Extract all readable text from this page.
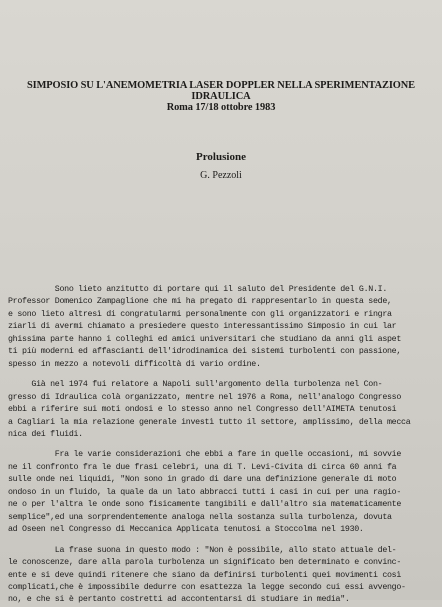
SIMPOSIO SU L'ANEMOMETRIA LASER DOPPLER NELLA SPERIMENTAZIONE IDRAULICA
Roma 17/18 ottobre 1983
Prolusione
G. Pezzoli
Sono lieto anzitutto di portare qui il saluto del Presidente del G.N.I.
Professor Domenico Zampaglione che mi ha pregato di rappresentarlo in questa sede,
e sono lieto altresì di congratularmi personalmente con gli organizzatori e ringra
ziarli di avermi chiamato a presiedere questo interessantissimo Simposio in cui lar
ghissima parte hanno i colleghi ed amici universitari che studiano da anni gli aspet
ti più moderni ed affascianti dell'idrodinamica dei sistemi turbolenti con passione,
spesso in mezzo a notevoli difficoltà di vario ordine.
Già nel 1974 fui relatore a Napoli sull'argomento della turbolenza nel Con-
gresso di Idraulica colà organizzato, mentre nel 1976 a Roma, nell'analogo Congresso
ebbi a riferire sui moti ondosi e lo stesso anno nel Congresso dell'AIMETA tenutosi
a Cagliari la mia relazione generale investì tutto il settore, amplissimo, della mecca
nica dei fluidi.
Fra le varie considerazioni che ebbi a fare in quelle occasioni, mi sovvie
ne il confronto fra le due frasi celebri, una di T. Levi-Civita di circa 60 anni fa
sulle onde nei liquidi, "Non sono in grado di dare una definizione generale di moto
ondoso in un fluido, la quale da un lato abbracci tutti i casi in cui per una ragio-
ne o per l'altra le onde sono fisicamente tangibili e dall'altro sia matematicamente
semplice",ed una sorprendentemente analoga nella sostanza sulla turbolenza, dovuta
ad Oseen nel Congresso di Meccanica Applicata tenutosi a Stoccolma nel 1930.
La frase suona in questo modo : "Non è possibile, allo stato attuale del-
le conoscenze, dare alla parola turbolenza un significato ben determinato e convinc-
ente e si deve quindi ritenere che siano da definirsi turbolenti quei movimenti così
complicati,che è impossibile dedurre con esattezza la legge secondo cui essi avvengo-
no, e che si è pertanto costretti ad accontentarsi di studiare in media".
